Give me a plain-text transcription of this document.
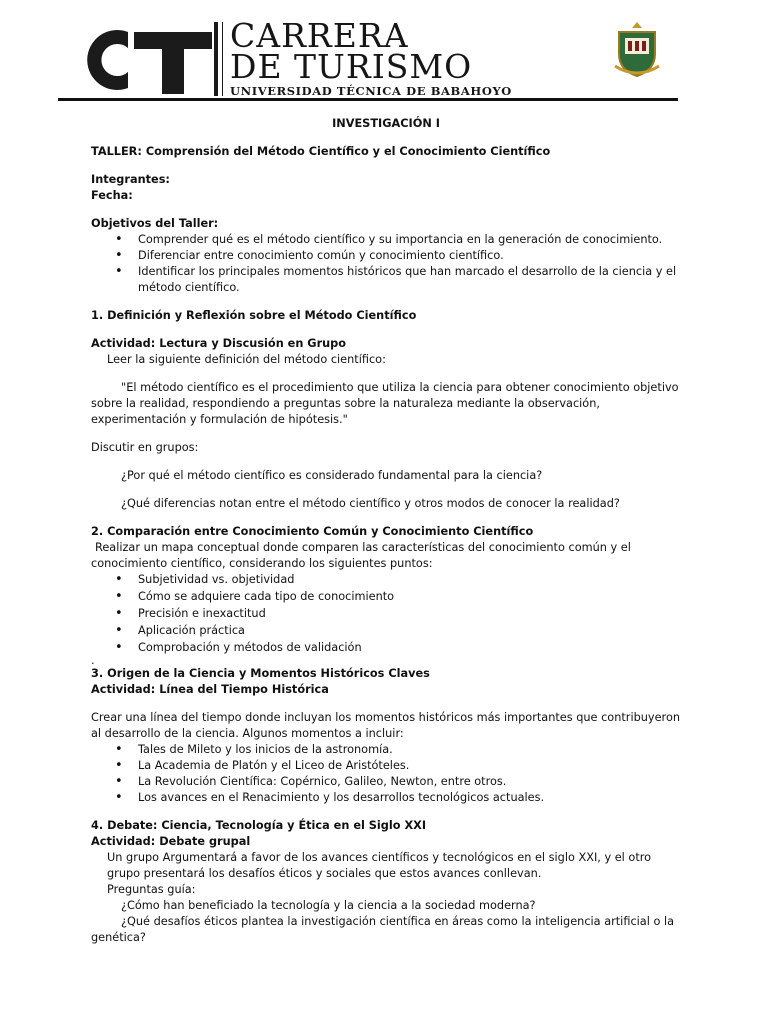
CT	CARRERA
DE TURISMO
UNIVERSIDAD TÉCNICA DE BABAHOYO

INVESTIGACIÓN I

TALLER: Comprensión del Método Científico y el Conocimiento Científico

Integrantes:

Fecha:

Objetivos del Taller:

• Comprender qué es el método científico y su importancia en la generación de conocimiento.
• Diferenciar entre conocimiento común y conocimiento científico.
• Identificar los principales momentos históricos que han marcado el desarrollo de la ciencia y el método científico.

1. Definición y Reflexión sobre el Método Científico

Actividad: Lectura y Discusión en Grupo

Leer la siguiente definición del método científico:

"El método científico es el procedimiento que utiliza la ciencia para obtener conocimiento objetivo sobre la realidad, respondiendo a preguntas sobre la naturaleza mediante la observación, experimentación y formulación de hipótesis."

Discutir en grupos:

¿Por qué el método científico es considerado fundamental para la ciencia?

¿Qué diferencias notan entre el método científico y otros modos de conocer la realidad?

2. Comparación entre Conocimiento Común y Conocimiento Científico

Realizar un mapa conceptual donde comparen las características del conocimiento común y el conocimiento científico, considerando los siguientes puntos:

• Subjetividad vs. objetividad
• Cómo se adquiere cada tipo de conocimiento
• Precisión e inexactitud
• Aplicación práctica
• Comprobación y métodos de validación

.

3. Origen de la Ciencia y Momentos Históricos Claves

Actividad: Línea del Tiempo Histórica

Crear una línea del tiempo donde incluyan los momentos históricos más importantes que contribuyeron al desarrollo de la ciencia. Algunos momentos a incluir:

• Tales de Mileto y los inicios de la astronomía.
• La Academia de Platón y el Liceo de Aristóteles.
• La Revolución Científica: Copérnico, Galileo, Newton, entre otros.
• Los avances en el Renacimiento y los desarrollos tecnológicos actuales.

4. Debate: Ciencia, Tecnología y Ética en el Siglo XXI

Actividad: Debate grupal

Un grupo Argumentará a favor de los avances científicos y tecnológicos en el siglo XXI, y el otro grupo presentará los desafíos éticos y sociales que estos avances conllevan.

Preguntas guía:

¿Cómo han beneficiado la tecnología y la ciencia a la sociedad moderna?

¿Qué desafíos éticos plantea la investigación científica en áreas como la inteligencia artificial o la genética?
